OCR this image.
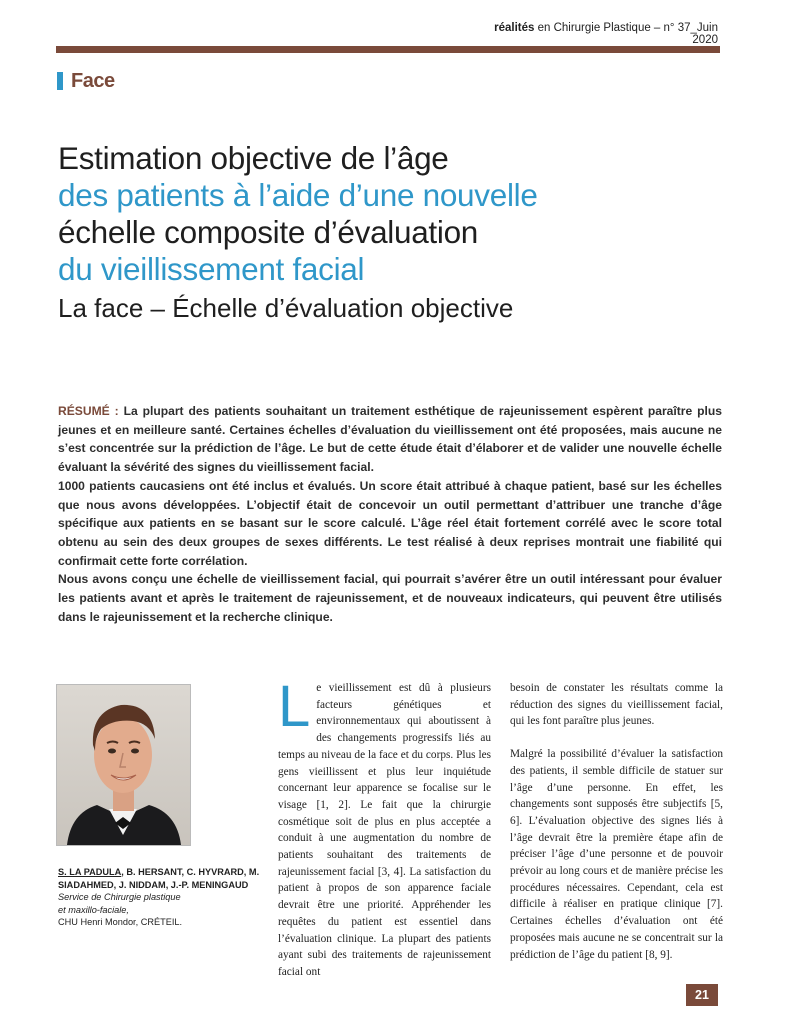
réalités en Chirurgie Plastique – n° 37_Juin 2020
Face
Estimation objective de l’âge
des patients à l’aide d’une nouvelle
échelle composite d’évaluation
du vieillissement facial
La face – Échelle d’évaluation objective

RÉSUMÉ : La plupart des patients souhaitant un traitement esthétique de rajeunissement espèrent paraître plus jeunes et en meilleure santé. Certaines échelles d’évaluation du vieillissement ont été proposées, mais aucune ne s’est concentrée sur la prédiction de l’âge. Le but de cette étude était d’élaborer et de valider une nouvelle échelle évaluant la sévérité des signes du vieillissement facial.

1000 patients caucasiens ont été inclus et évalués. Un score était attribué à chaque patient, basé sur les échelles que nous avons développées. L’objectif était de concevoir un outil permettant d’attribuer une tranche d’âge spécifique aux patients en se basant sur le score calculé. L’âge réel était fortement corrélé avec le score total obtenu au sein des deux groupes de sexes différents. Le test réalisé à deux reprises montrait une fiabilité qui confirmait cette forte corrélation.

Nous avons conçu une échelle de vieillissement facial, qui pourrait s’avérer être un outil intéressant pour évaluer les patients avant et après le traitement de rajeunissement, et de nouveaux indicateurs, qui peuvent être utilisés dans le rajeunissement et la recherche clinique.

S. LA PADULA, B. HERSANT, C. HYVRARD, M. SIADAHMED, J. NIDDAM, J.-P. MENINGAUD
Service de Chirurgie plastique
et maxillo-faciale,
CHU Henri Mondor, CRÉTEIL.
L e vieillissement est dû à plusieurs facteurs génétiques et environnementaux qui aboutissent à des changements progressifs liés au temps au niveau de la face et du corps. Plus les gens vieillissent et plus leur inquiétude concernant leur apparence se focalise sur le visage [1, 2]. Le fait que la chirurgie cosmétique soit de plus en plus acceptée a conduit à une augmentation du nombre de patients souhaitant des traitements de rajeunissement facial [3, 4]. La satisfaction du patient à propos de son apparence faciale devrait être une priorité. Appréhender les requêtes du patient est essentiel dans l’évaluation clinique. La plupart des patients ayant subi des traitements de rajeunissement facial ont

besoin de constater les résultats comme la réduction des signes du vieillissement facial, qui les font paraître plus jeunes.

Malgré la possibilité d’évaluer la satisfaction des patients, il semble difficile de statuer sur l’âge d’une personne. En effet, les changements sont supposés être subjectifs [5, 6]. L’évaluation objective des signes liés à l’âge devrait être la première étape afin de préciser l’âge d’une personne et de pouvoir prévoir au long cours et de manière précise les procédures nécessaires. Cependant, cela est difficile à réaliser en pratique clinique [7]. Certaines échelles d’évaluation ont été proposées mais aucune ne se concentrait sur la prédiction de l’âge du patient [8, 9].

21
